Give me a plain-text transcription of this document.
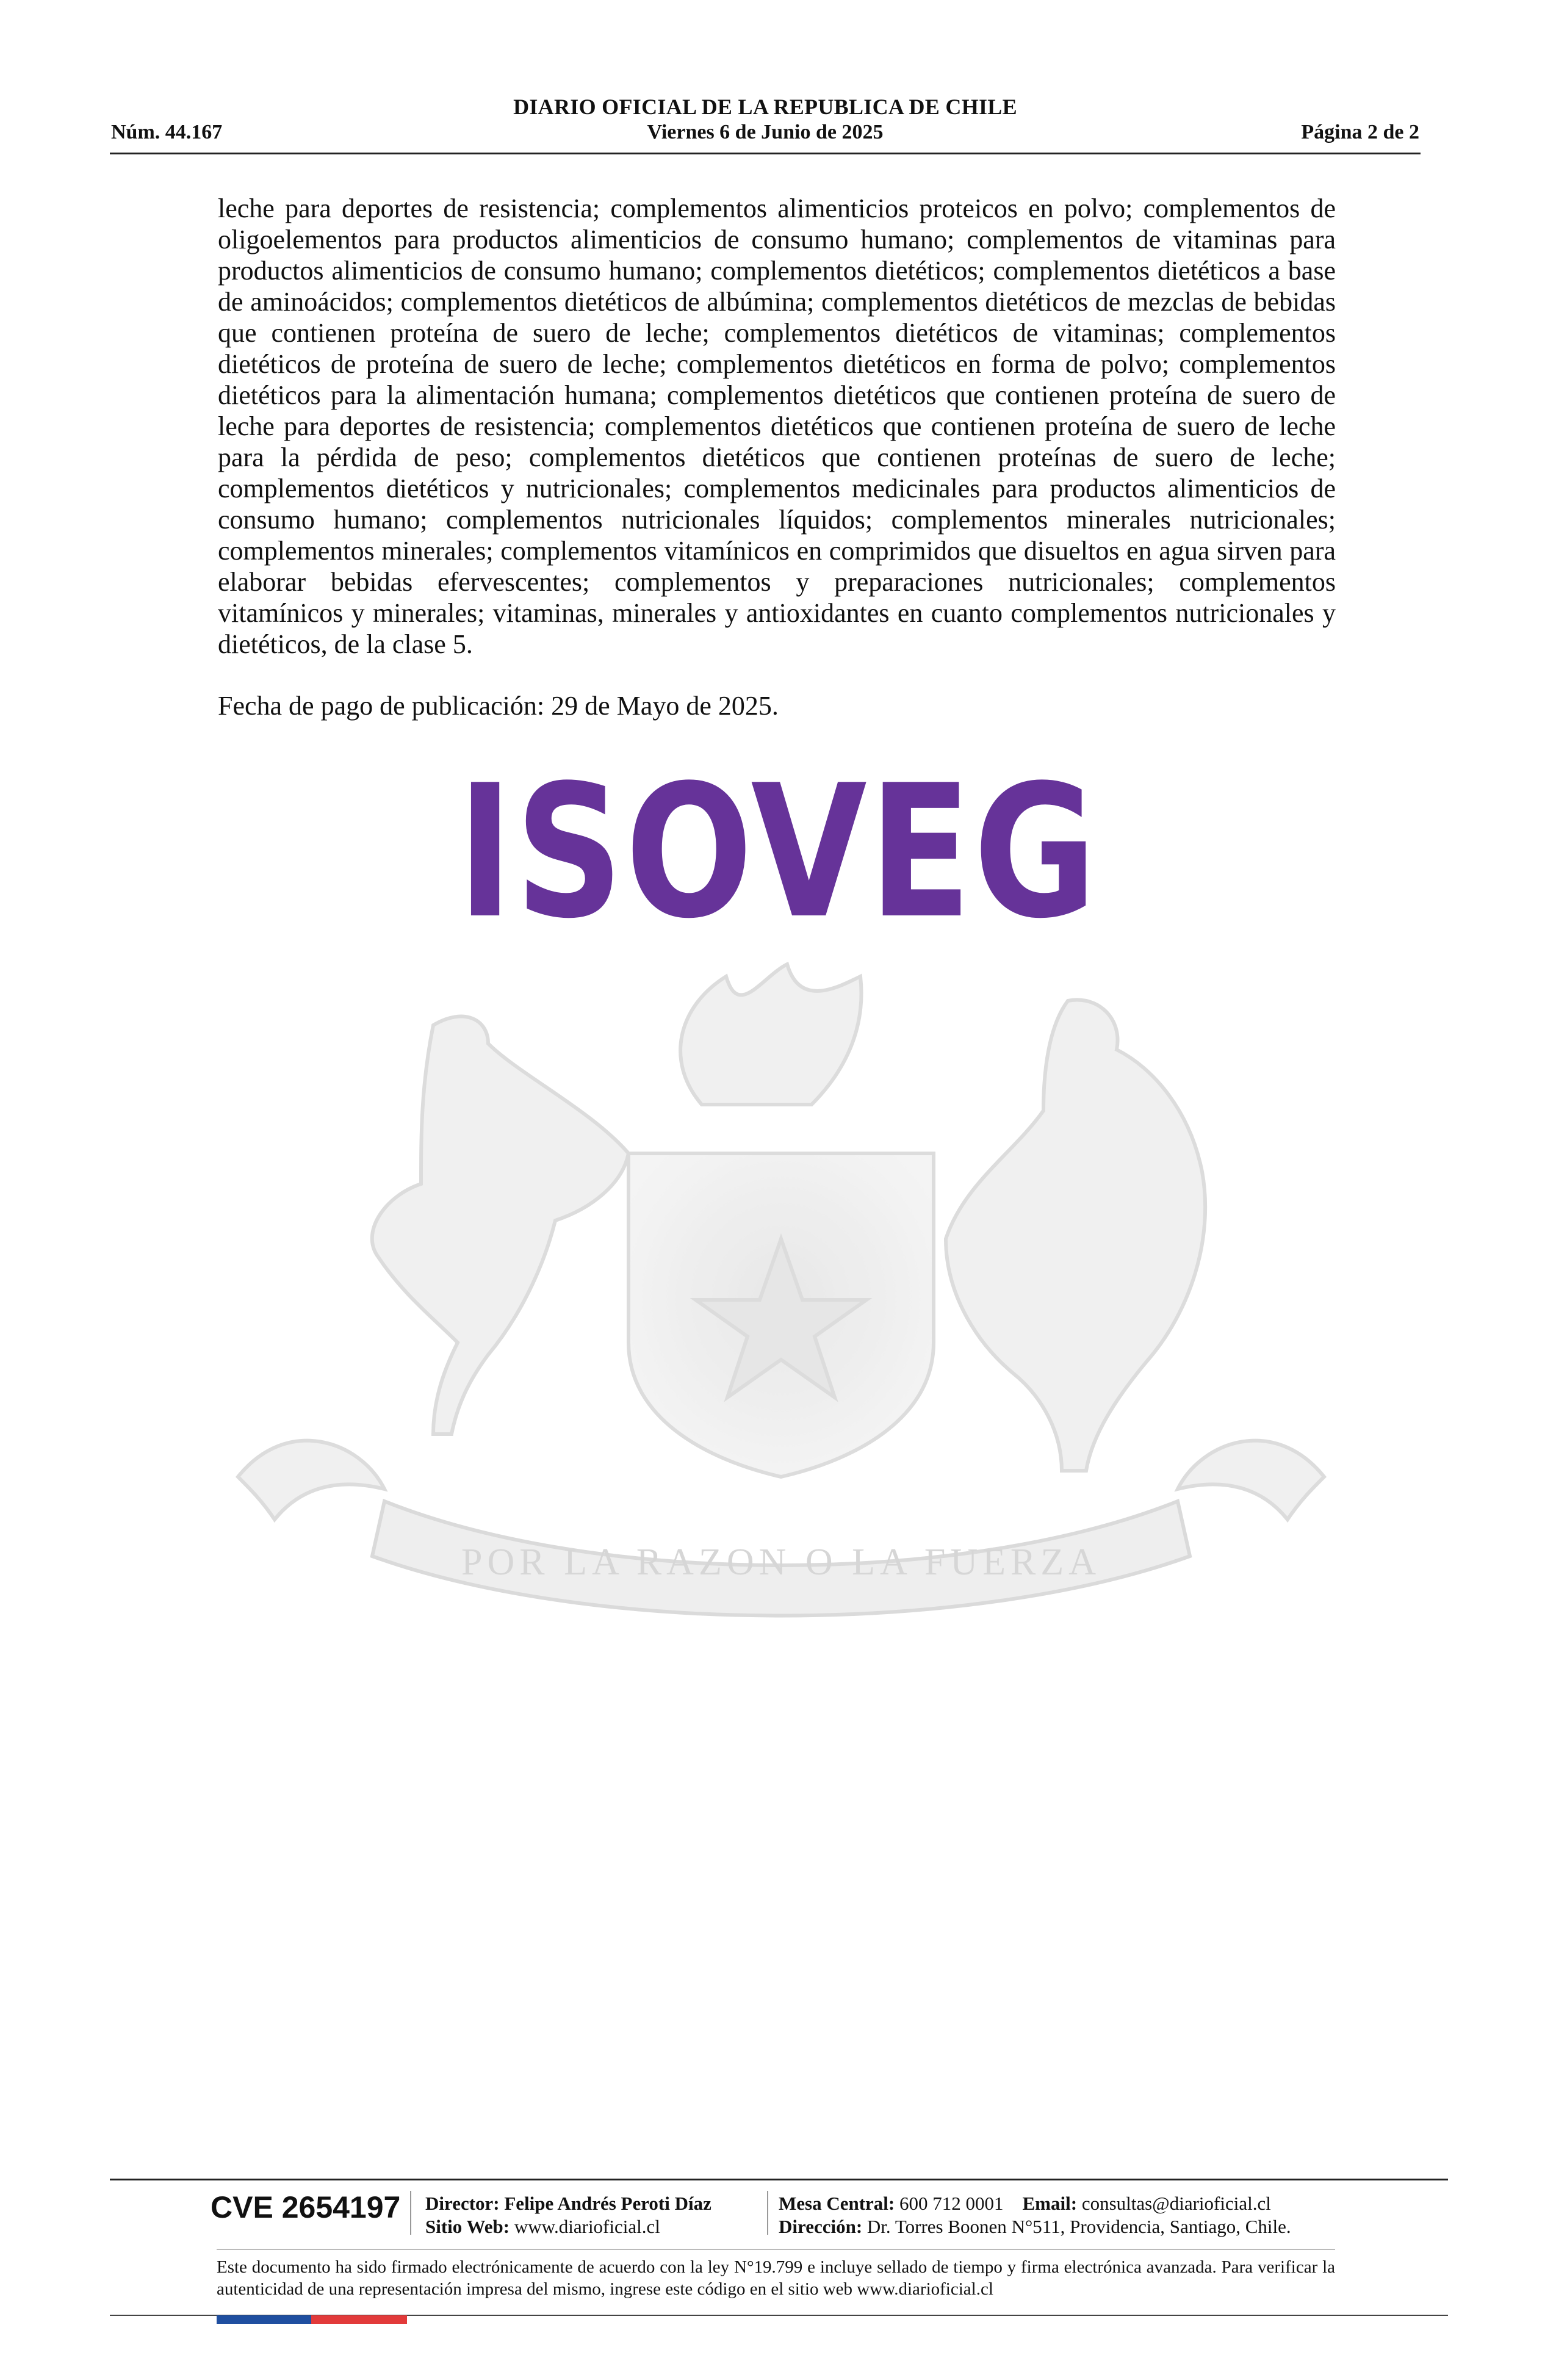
DIARIO OFICIAL DE LA REPUBLICA DE CHILE
Núm. 44.167	Viernes 6 de Junio de 2025	Página 2 de 2

leche para deportes de resistencia; complementos alimenticios proteicos en polvo; complementos de oligoelementos para productos alimenticios de consumo humano; complementos de vitaminas para productos alimenticios de consumo humano; complementos dietéticos; complementos dietéticos a base de aminoácidos; complementos dietéticos de albúmina; complementos dietéticos de mezclas de bebidas que contienen proteína de suero de leche; complementos dietéticos de vitaminas; complementos dietéticos de proteína de suero de leche; complementos dietéticos en forma de polvo; complementos dietéticos para la alimentación humana; complementos dietéticos que contienen proteína de suero de leche para deportes de resistencia; complementos dietéticos que contienen proteína de suero de leche para la pérdida de peso; complementos dietéticos que contienen proteínas de suero de leche; complementos dietéticos y nutricionales; complementos medicinales para productos alimenticios de consumo humano; complementos nutricionales líquidos; complementos minerales nutricionales; complementos minerales; complementos vitamínicos en comprimidos que disueltos en agua sirven para elaborar bebidas efervescentes; complementos y preparaciones nutricionales; complementos vitamínicos y minerales; vitaminas, minerales y antioxidantes en cuanto complementos nutricionales y dietéticos, de la clase 5.

Fecha de pago de publicación: 29 de Mayo de 2025.
ISOVEG
POR LA RAZON O LA FUERZA
CVE 2654197 Director: Felipe Andrés Peroti Díaz
Sitio Web: www.diarioficial.cl
Mesa Central: 600 712 0001 Email: consultas@diarioficial.cl
Dirección: Dr. Torres Boonen N°511, Providencia, Santiago, Chile.
Este documento ha sido firmado electrónicamente de acuerdo con la ley N°19.799 e incluye sellado de tiempo y firma electrónica avanzada. Para verificar la autenticidad de una representación impresa del mismo, ingrese este código en el sitio web www.diarioficial.cl
